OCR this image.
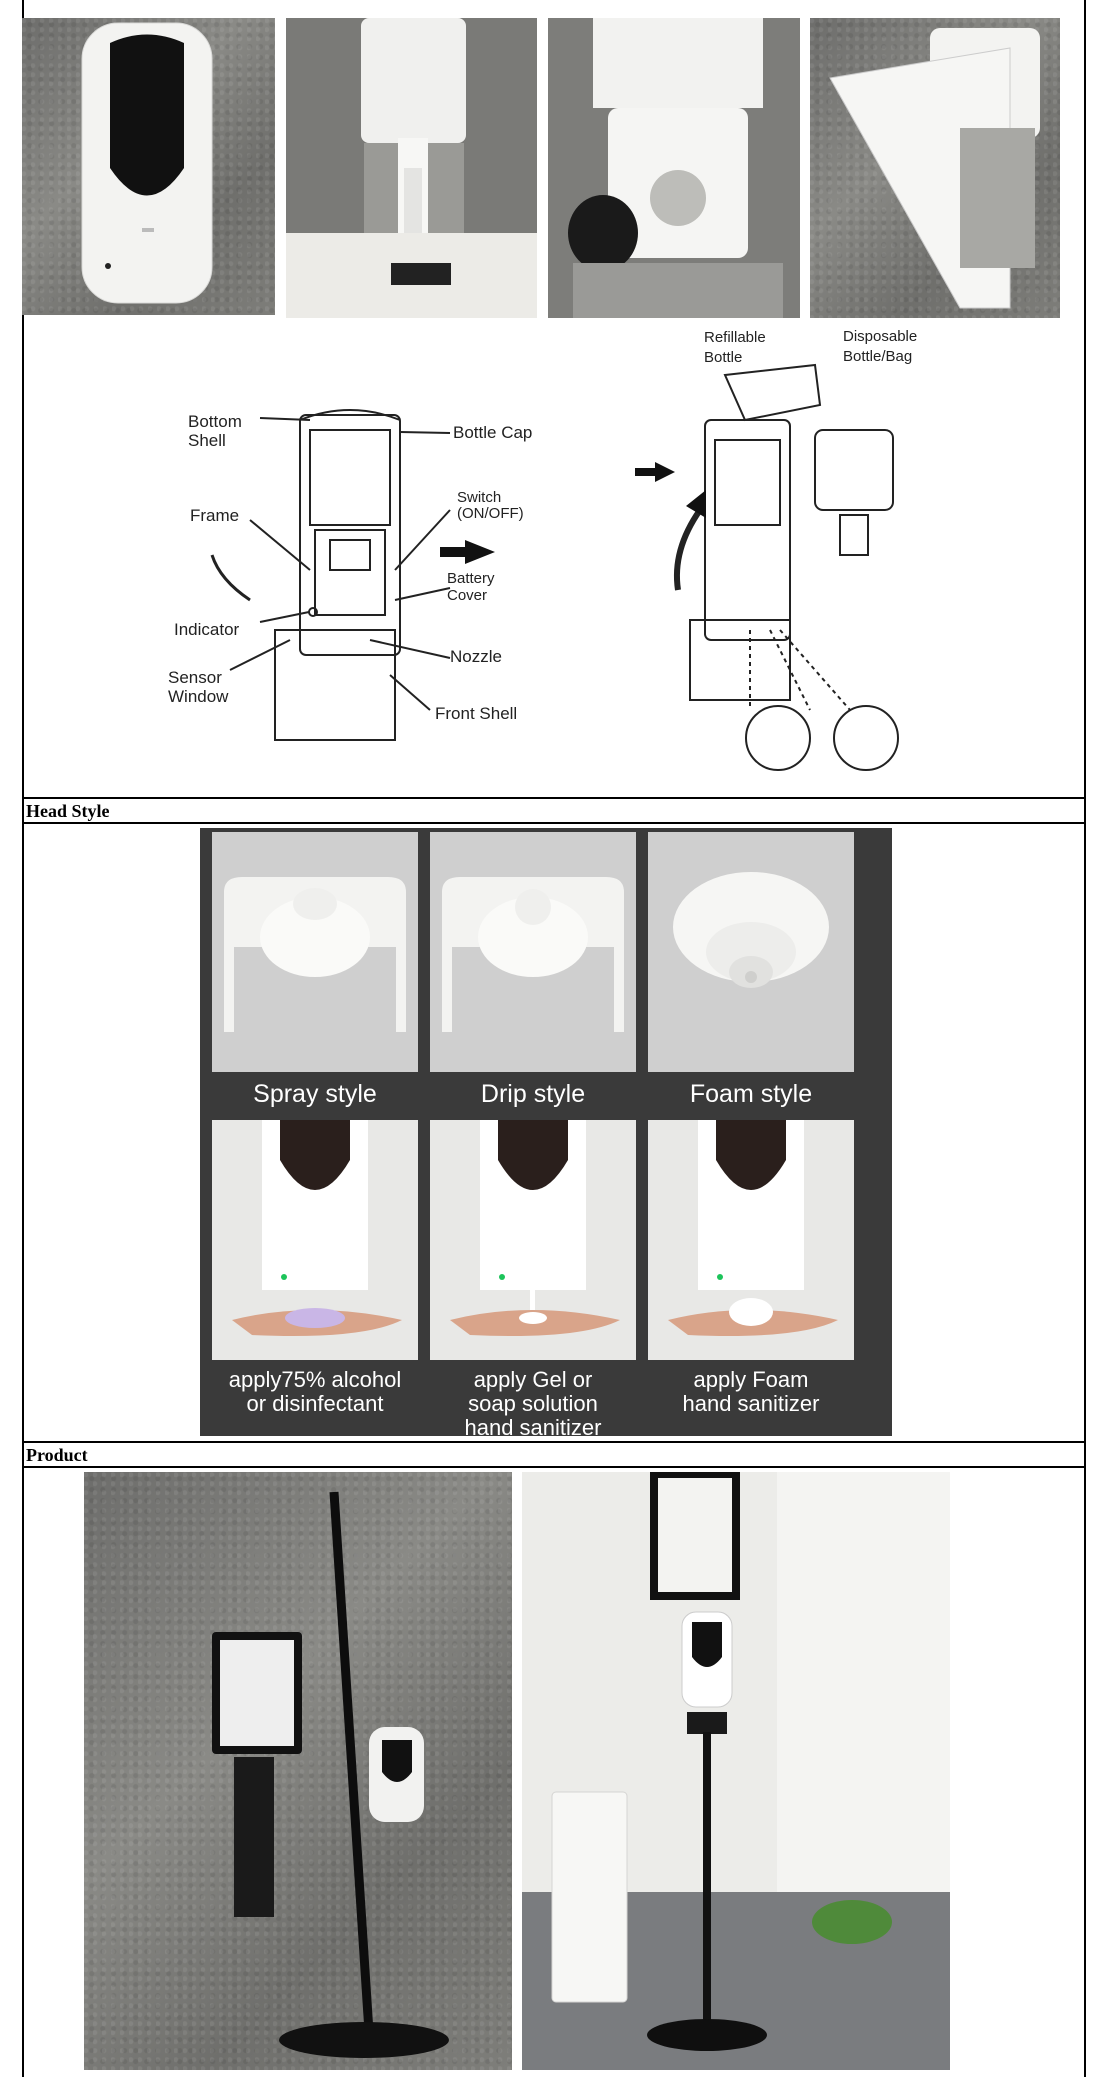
Bottom
Shell	Bottle Cap
Frame
Switch
(ON/OFF)
Battery
Cover
Indicator
Sensor
Window
Nozzle
Front Shell
Refillable
Bottle
Disposable
Bottle/Bag
Head Style
Spray style	Drip style	Foam style
apply75% alcohol
or disinfectant
apply Gel or
soap solution
hand sanitizer
apply Foam
hand sanitizer
Product
